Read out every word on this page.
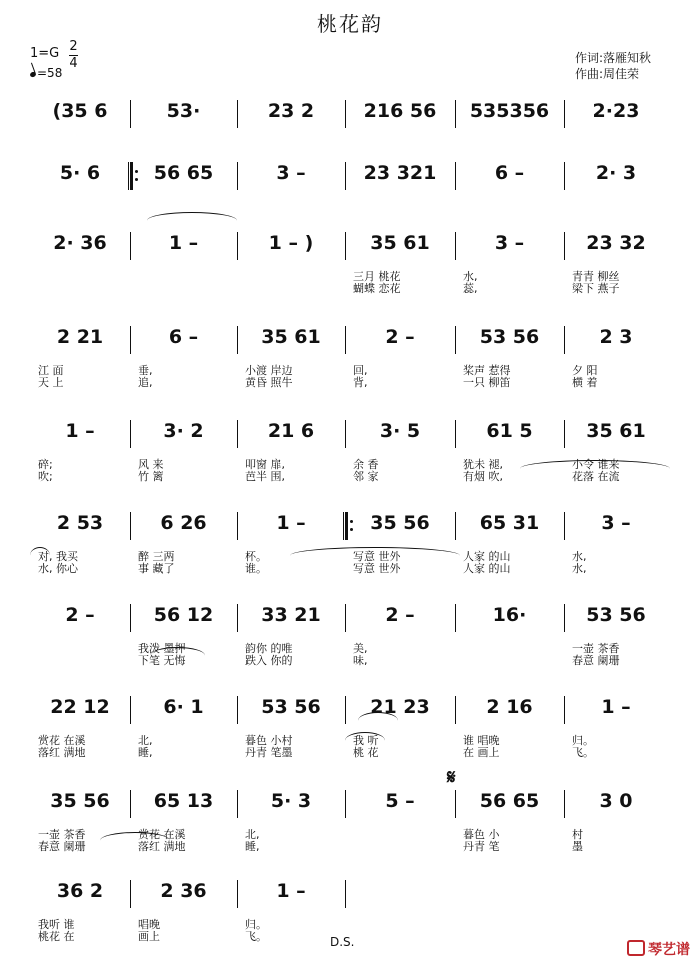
桃花韵
1=G 2
4
=58
作词:落雁知秋
作曲:周佳荣
(35 6	53·	23 2	216 56 535356 2·23
5· 6	56 65	3 –	23 321	6 –	2· 3
2· 36	1 –	1 – )	35 61
三月 桃花
蝴蝶 恋花
3 –
水,
蕊,
23 32
青青 柳丝
梁下 燕子
2 21
江 面
天 上
6 –
垂,
追,
35 61
小渡 岸边
黄昏 照牛
2 –
回,
背,
53 56
桨声 惹得
一只 柳笛
2 3
夕 阳
横 着
1 –
碎;
吹;
3· 2
风 来
竹 篱
21 6
叩窗 扉,
芭半 围,
3· 5
余 香
邻 家
61 5
犹未 褪,
有烟 吹,
35 61
小令 谁来
花落 在流
2 53
对, 我买
水, 你心
6 26
醉 三两
事 藏了
1 –
杯。
谁。
35 56
写意 世外
写意 世外
65 31
人家 的山
人家 的山
3 –
水,
水,
2 –	56 12
我泼 墨押
下笔 无悔
33 21
韵你 的唯
跌入 你的
2 –
美,
味,
16·	53 56
一壶 茶香
春意 阑珊
22 12
赏花 在溪
落红 满地
6· 1
北,
睡,
53 56
暮色 小村
丹青 笔墨
21 23
我 听
桃 花
2 16
谁 唱晚
在 画上
1 –
归。
飞。
35 56
一壶 茶香
春意 阑珊
65 13
赏花 在溪
落红 满地
5· 3
北,
睡,
5 –	56 65
暮色 小
丹青 笔
3 0
村
墨
36 2
我听 谁
桃花 在
2 36
唱晚
画上
1 –
归。
飞。	D.S.
𝄋
琴艺谱
